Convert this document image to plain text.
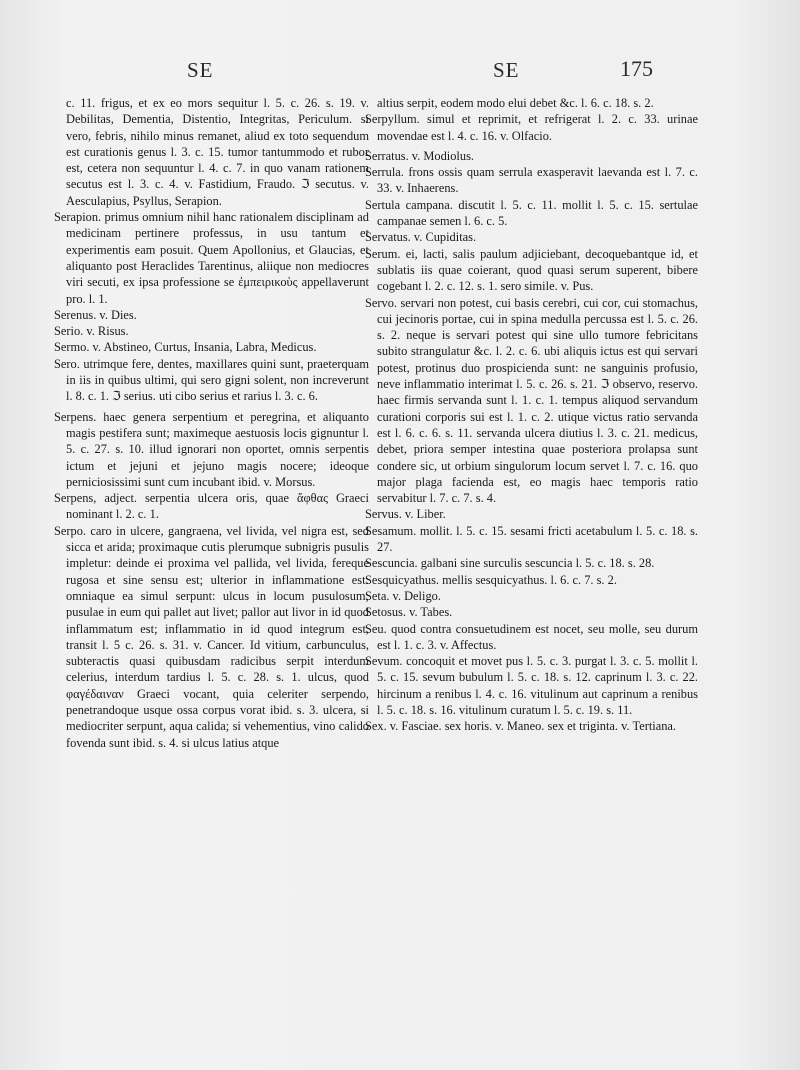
SE	SE	175

c. 11. frigus, et ex eo mors sequitur l. 5. c. 26. s. 19. v. Debilitas, Dementia, Distentio, Integritas, Periculum. si vero, febris, nihilo minus remanet, aliud ex toto sequendum est curationis genus l. 3. c. 15. tumor tantummodo et rubor est, cetera non sequuntur l. 4. c. 7. in quo vanam rationem secutus est l. 3. c. 4. v. Fastidium, Fraudo. ℑ secutus. v. Aesculapius, Psyllus, Serapion.

Serapion. primus omnium nihil hanc rationalem disciplinam ad medicinam pertinere professus, in usu tantum et experimentis eam posuit. Quem Apollonius, et Glaucias, et aliquanto post Heraclides Tarentinus, aliique non mediocres viri secuti, ex ipsa professione se ἐμπειρικοὺς appellaverunt pro. l. 1.

Serenus. v. Dies.

Serio. v. Risus.

Sermo. v. Abstineo, Curtus, Insania, Labra, Medicus.

Sero. utrimque fere, dentes, maxillares quini sunt, praeterquam in iis in quibus ultimi, qui sero gigni solent, non increverunt l. 8. c. 1. ℑ serius. uti cibo serius et rarius l. 3. c. 6.

Serpens. haec genera serpentium et peregrina, et aliquanto magis pestifera sunt; maximeque aestuosis locis gignuntur l. 5. c. 27. s. 10. illud ignorari non oportet, omnis serpentis ictum et jejuni et jejuno magis nocere; ideoque perniciosissimi sunt cum incubant ibid. v. Morsus.

Serpens, adject. serpentia ulcera oris, quae ἄφθας Graeci nominant l. 2. c. 1.

Serpo. caro in ulcere, gangraena, vel livida, vel nigra est, sed sicca et arida; proximaque cutis plerumque subnigris pusulis impletur: deinde ei proxima vel pallida, vel livida, fereque rugosa et sine sensu est; ulterior in inflammatione est: omniaque ea simul serpunt: ulcus in locum pusulosum; pusulae in eum qui pallet aut livet; pallor aut livor in id quod inflammatum est; inflammatio in id quod integrum est, transit l. 5 c. 26. s. 31. v. Cancer. Id vitium, carbunculus, subteractis quasi quibusdam radicibus serpit interdum celerius, interdum tardius l. 5. c. 28. s. 1. ulcus, quod φαγέδαιναν Graeci vocant, quia celeriter serpendo, penetrandoque usque ossa corpus vorat ibid. s. 3. ulcera, si mediocriter serpunt, aqua calida; si vehementius, vino calido fovenda sunt ibid. s. 4. si ulcus latius atque

altius serpit, eodem modo elui debet &c. l. 6. c. 18. s. 2.

Serpyllum. simul et reprimit, et refrigerat l. 2. c. 33. urinae movendae est l. 4. c. 16. v. Olfacio.

Serratus. v. Modiolus.

Serrula. frons ossis quam serrula exasperavit laevanda est l. 7. c. 33. v. Inhaerens.

Sertula campana. discutit l. 5. c. 11. mollit l. 5. c. 15. sertulae campanae semen l. 6. c. 5.

Servatus. v. Cupiditas.

Serum. ei, lacti, salis paulum adjiciebant, decoquebantque id, et sublatis iis quae coierant, quod quasi serum superent, bibere cogebant l. 2. c. 12. s. 1. sero simile. v. Pus.

Servo. servari non potest, cui basis cerebri, cui cor, cui stomachus, cui jecinoris portae, cui in spina medulla percussa est l. 5. c. 26. s. 2. neque is servari potest qui sine ullo tumore febricitans subito strangulatur &c. l. 2. c. 6. ubi aliquis ictus est qui servari potest, protinus duo prospicienda sunt: ne sanguinis profusio, neve inflammatio interimat l. 5. c. 26. s. 21. ℑ observo, reservo. haec firmis servanda sunt l. 1. c. 1. tempus aliquod servandum curationi corporis sui est l. 1. c. 2. utique victus ratio servanda est l. 6. c. 6. s. 11. servanda ulcera diutius l. 3. c. 21. medicus, debet, priora semper intestina quae posteriora prolapsa sunt condere sic, ut orbium singulorum locum servet l. 7. c. 16. quo major plaga facienda est, eo magis haec temporis ratio servabitur l. 7. c. 7. s. 4.

Servus. v. Liber.

Sesamum. mollit. l. 5. c. 15. sesami fricti acetabulum l. 5. c. 18. s. 27.

Sescuncia. galbani sine surculis sescuncia l. 5. c. 18. s. 28.

Sesquicyathus. mellis sesquicyathus. l. 6. c. 7. s. 2.

Seta. v. Deligo.

Setosus. v. Tabes.

Seu. quod contra consuetudinem est nocet, seu molle, seu durum est l. 1. c. 3. v. Affectus.

Sevum. concoquit et movet pus l. 5. c. 3. purgat l. 3. c. 5. mollit l. 5. c. 15. sevum bubulum l. 5. c. 18. s. 12. caprinum l. 3. c. 22. hircinum a renibus l. 4. c. 16. vitulinum aut caprinum a renibus l. 5. c. 18. s. 16. vitulinum curatum l. 5. c. 19. s. 11.

Sex. v. Fasciae. sex horis. v. Maneo. sex et triginta. v. Tertiana.
